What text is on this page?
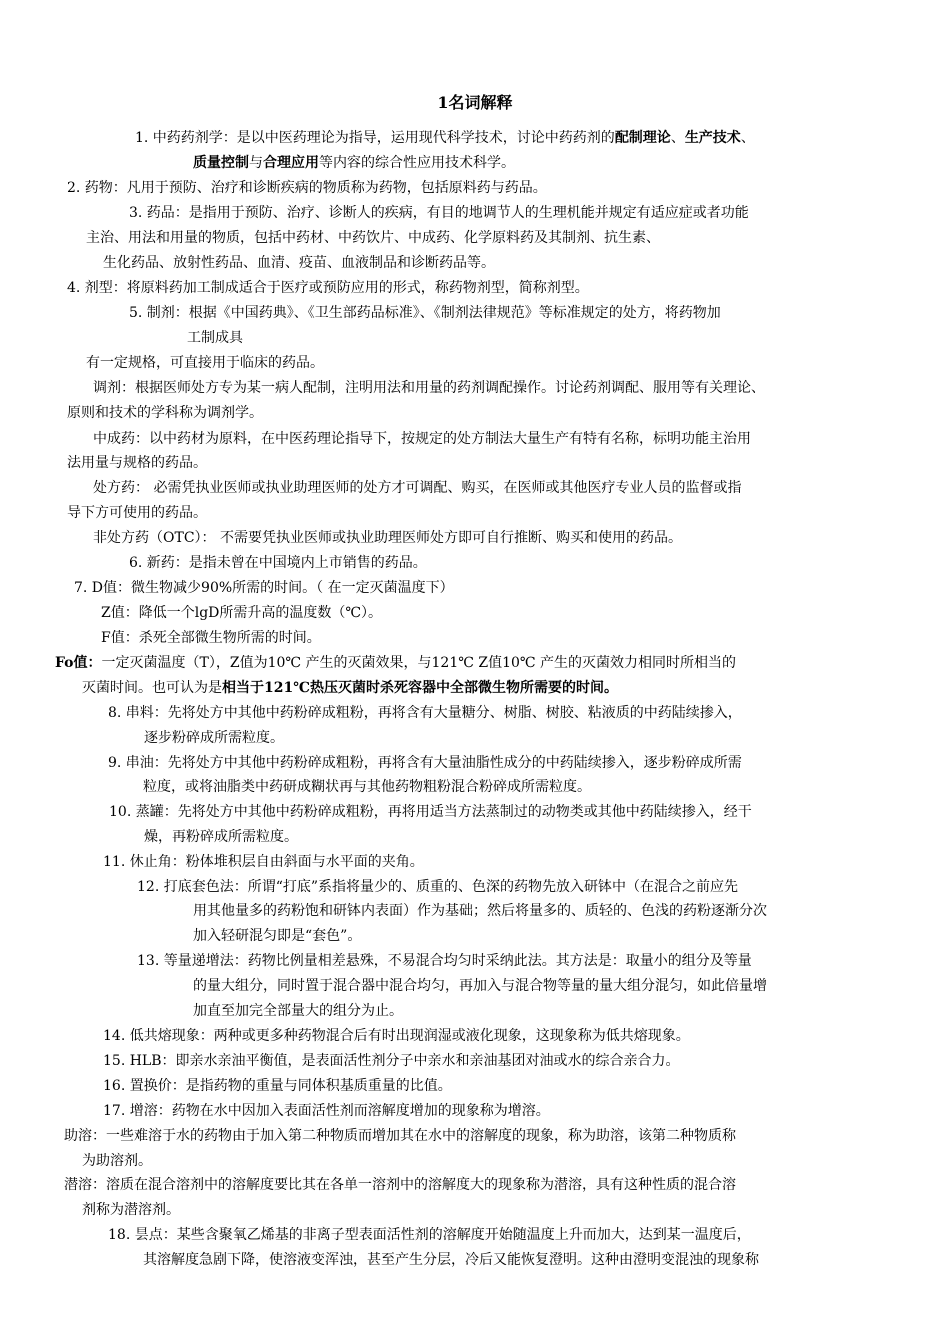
1名词解释
1. 中药药剂学：是以中医药理论为指导，运用现代科学技术，讨论中药药剂的配制理论、生产技术、
质量控制与合理应用等内容的综合性应用技术科学。
2. 药物：凡用于预防、治疗和诊断疾病的物质称为药物，包括原料药与药品。
3. 药品：是指用于预防、治疗、诊断人的疾病，有目的地调节人的生理机能并规定有适应症或者功能
主治、用法和用量的物质，包括中药材、中药饮片、中成药、化学原料药及其制剂、抗生素、
生化药品、放射性药品、血清、疫苗、血液制品和诊断药品等。
4. 剂型：将原料药加工制成适合于医疗或预防应用的形式，称药物剂型，简称剂型。
5. 制剂：根据《中国药典》、《卫生部药品标准》、《制剂法律规范》等标准规定的处方，将药物加
工制成具
有一定规格，可直接用于临床的药品。
调剂：根据医师处方专为某一病人配制，注明用法和用量的药剂调配操作。讨论药剂调配、服用等有关理论、
原则和技术的学科称为调剂学。
中成药：以中药材为原料，在中医药理论指导下，按规定的处方制法大量生产有特有名称，标明功能主治用
法用量与规格的药品。
处方药： 必需凭执业医师或执业助理医师的处方才可调配、购买，在医师或其他医疗专业人员的监督或指
导下方可使用的药品。
非处方药（OTC）： 不需要凭执业医师或执业助理医师处方即可自行推断、购买和使用的药品。
6. 新药：是指未曾在中国境内上市销售的药品。
7. D值：微生物减少90%所需的时间。（ 在一定灭菌温度下）
Z值：降低一个lgD所需升高的温度数（℃）。
F值：杀死全部微生物所需的时间。
Fo值：一定灭菌温度（T），Z值为10℃ 产生的灭菌效果，与121℃ Z值10℃ 产生的灭菌效力相同时所相当的
灭菌时间。也可认为是相当于121℃热压灭菌时杀死容器中全部微生物所需要的时间。
8. 串料：先将处方中其他中药粉碎成粗粉，再将含有大量糖分、树脂、树胶、粘液质的中药陆续掺入，
逐步粉碎成所需粒度。
9. 串油：先将处方中其他中药粉碎成粗粉，再将含有大量油脂性成分的中药陆续掺入，逐步粉碎成所需
粒度，或将油脂类中药研成糊状再与其他药物粗粉混合粉碎成所需粒度。
10. 蒸罐：先将处方中其他中药粉碎成粗粉，再将用适当方法蒸制过的动物类或其他中药陆续掺入，经干
燥，再粉碎成所需粒度。
11. 休止角：粉体堆积层自由斜面与水平面的夹角。
12. 打底套色法：所谓“打底”系指将量少的、质重的、色深的药物先放入研钵中（在混合之前应先
用其他量多的药粉饱和研钵内表面）作为基础；然后将量多的、质轻的、色浅的药粉逐渐分次
加入轻研混匀即是“套色”。
13. 等量递增法：药物比例量相差悬殊，不易混合均匀时采纳此法。其方法是：取量小的组分及等量
的量大组分，同时置于混合器中混合均匀，再加入与混合物等量的量大组分混匀，如此倍量增
加直至加完全部量大的组分为止。
14. 低共熔现象：两种或更多种药物混合后有时出现润湿或液化现象，这现象称为低共熔现象。
15. HLB：即亲水亲油平衡值，是表面活性剂分子中亲水和亲油基团对油或水的综合亲合力。
16. 置换价：是指药物的重量与同体积基质重量的比值。
17. 增溶：药物在水中因加入表面活性剂而溶解度增加的现象称为增溶。
助溶：一些难溶于水的药物由于加入第二种物质而增加其在水中的溶解度的现象，称为助溶，该第二种物质称
为助溶剂。
潜溶：溶质在混合溶剂中的溶解度要比其在各单一溶剂中的溶解度大的现象称为潜溶，具有这种性质的混合溶
剂称为潜溶剂。
18. 昙点：某些含聚氧乙烯基的非离子型表面活性剂的溶解度开始随温度上升而加大，达到某一温度后，
其溶解度急剧下降，使溶液变浑浊，甚至产生分层，冷后又能恢复澄明。这种由澄明变混浊的现象称
